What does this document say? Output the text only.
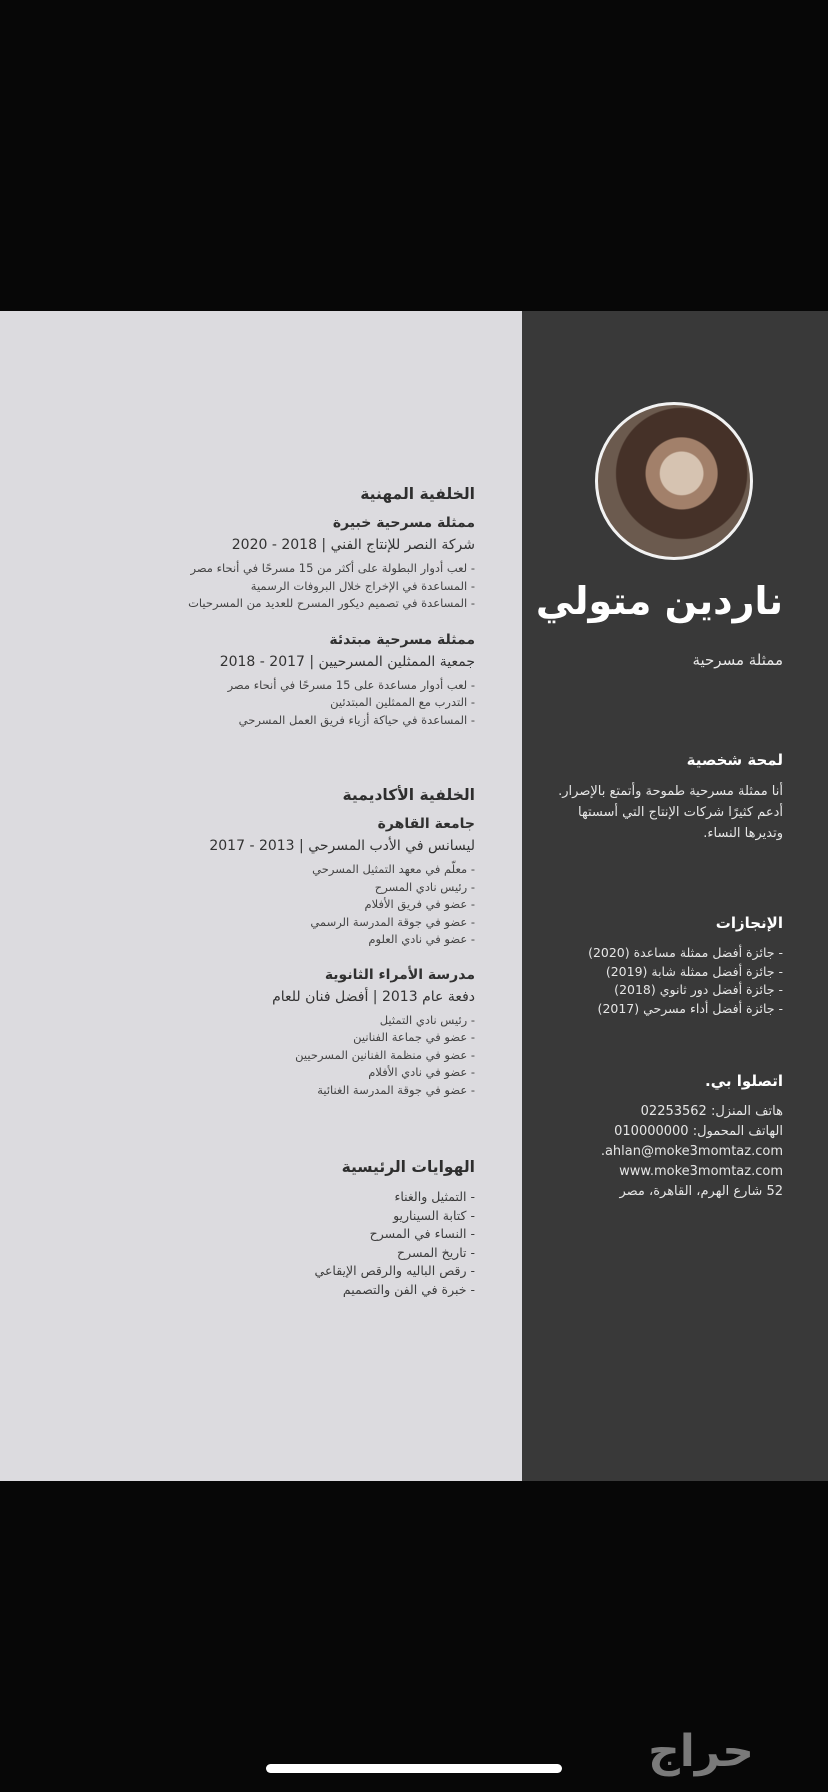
ناردين متولي
ممثلة مسرحية
لمحة شخصية

أنا ممثلة مسرحية طموحة وأتمتع بالإصرار. أدعم كثيرًا شركات الإنتاج التي أسستها وتديرها النساء.

الإنجازات
- جائزة أفضل ممثلة مساعدة (2020)
- جائزة أفضل ممثلة شابة (2019)
- جائزة أفضل دور ثانوي (2018)
- جائزة أفضل أداء مسرحي (2017)
اتصلوا بي.
هاتف المنزل: 02253562
الهاتف المحمول: 010000000
ahlan@moke3momtaz.com.
www.moke3momtaz.com
52 شارع الهرم، القاهرة، مصر
الخلفية المهنية
ممثلة مسرحية خبيرة
شركة النصر للإنتاج الفني | 2018 - 2020
- لعب أدوار البطولة على أكثر من 15 مسرحًا في أنحاء مصر
- المساعدة في الإخراج خلال البروفات الرسمية
- المساعدة في تصميم ديكور المسرح للعديد من المسرحيات
ممثلة مسرحية مبتدئة
جمعية الممثلين المسرحيين | 2017 - 2018
- لعب أدوار مساعدة على 15 مسرحًا في أنحاء مصر
- التدرب مع الممثلين المبتدئين
- المساعدة في حياكة أزياء فريق العمل المسرحي
الخلفية الأكاديمية
جامعة القاهرة
ليسانس في الأدب المسرحي | 2013 - 2017
- معلّم في معهد التمثيل المسرحي
- رئيس نادي المسرح
- عضو في فريق الأفلام
- عضو في جوقة المدرسة الرسمي
- عضو في نادي العلوم
مدرسة الأمراء الثانوية
دفعة عام 2013 | أفضل فنان للعام
- رئيس نادي التمثيل
- عضو في جماعة الفنانين
- عضو في منظمة الفنانين المسرحيين
- عضو في نادي الأفلام
- عضو في جوقة المدرسة الغنائية
الهوايات الرئيسية
- التمثيل والغناء
- كتابة السيناريو
- النساء في المسرح
- تاريخ المسرح
- رقص الباليه والرقص الإيقاعي
- خبرة في الفن والتصميم
حراج
